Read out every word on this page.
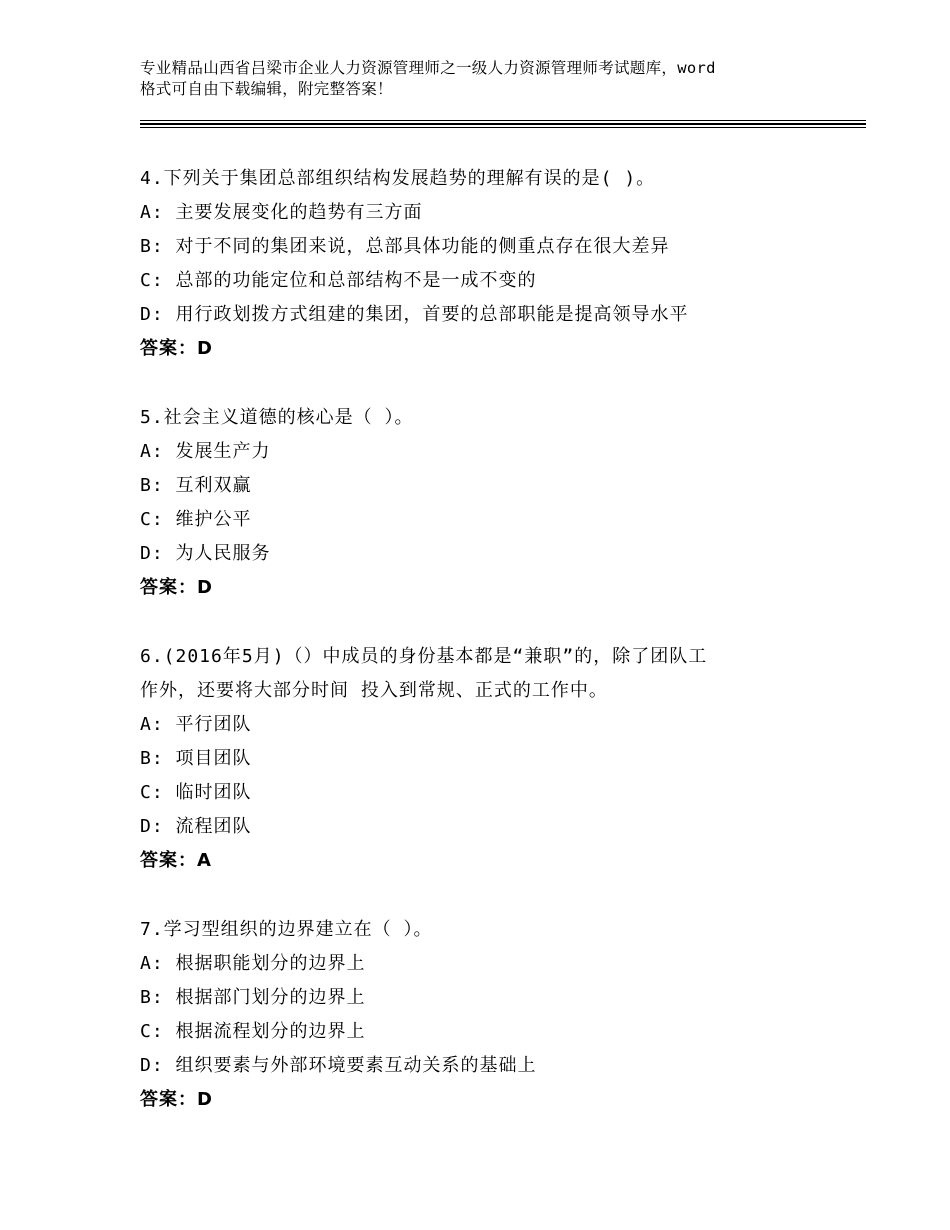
专业精品山西省吕梁市企业人力资源管理师之一级人力资源管理师考试题库，word
格式可自由下载编辑，附完整答案！
4.下列关于集团总部组织结构发展趋势的理解有误的是( )。
A: 主要发展变化的趋势有三方面
B: 对于不同的集团来说，总部具体功能的侧重点存在很大差异
C: 总部的功能定位和总部结构不是一成不变的
D: 用行政划拨方式组建的集团，首要的总部职能是提高领导水平
答案：D
5.社会主义道德的核心是（ ）。
A: 发展生产力
B: 互利双赢
C: 维护公平
D: 为人民服务
答案：D
6.(2016年5月)（）中成员的身份基本都是“兼职”的，除了团队工
作外，还要将大部分时间 投入到常规、正式的工作中。
A: 平行团队
B: 项目团队
C: 临时团队
D: 流程团队
答案：A
7.学习型组织的边界建立在（ ）。
A: 根据职能划分的边界上
B: 根据部门划分的边界上
C: 根据流程划分的边界上
D: 组织要素与外部环境要素互动关系的基础上
答案：D
